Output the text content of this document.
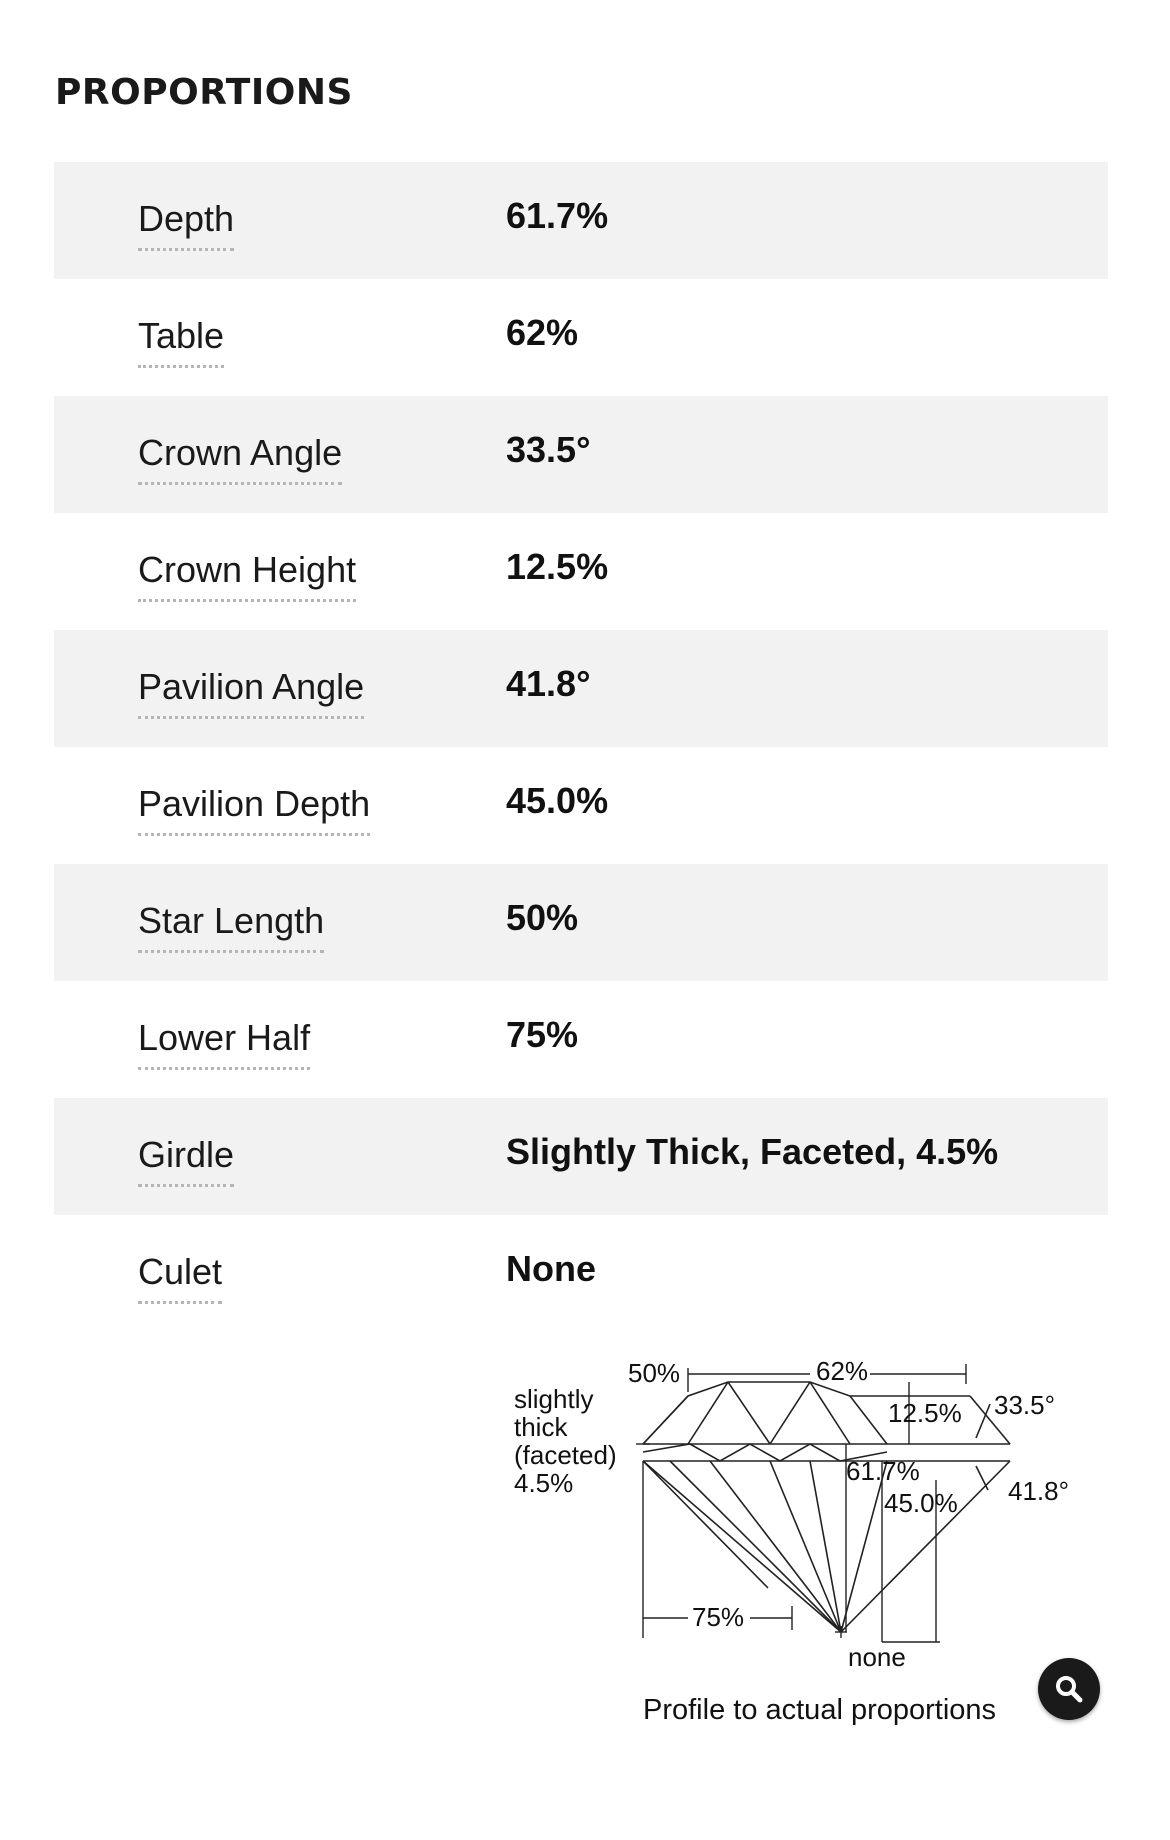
PROPORTIONS
Depth	61.7%
Table	62%
Crown Angle	33.5°
Crown Height	12.5%
Pavilion Angle	41.8°
Pavilion Depth	45.0%
Star Length	50%
Lower Half	75%
Girdle	Slightly Thick, Faceted, 4.5%
Culet	None
50%	62%
12.5% 33.5°
slightly
thick
(faceted)
4.5%	61.7%
45.0% 41.8°
75%
none
Profile to actual proportions
